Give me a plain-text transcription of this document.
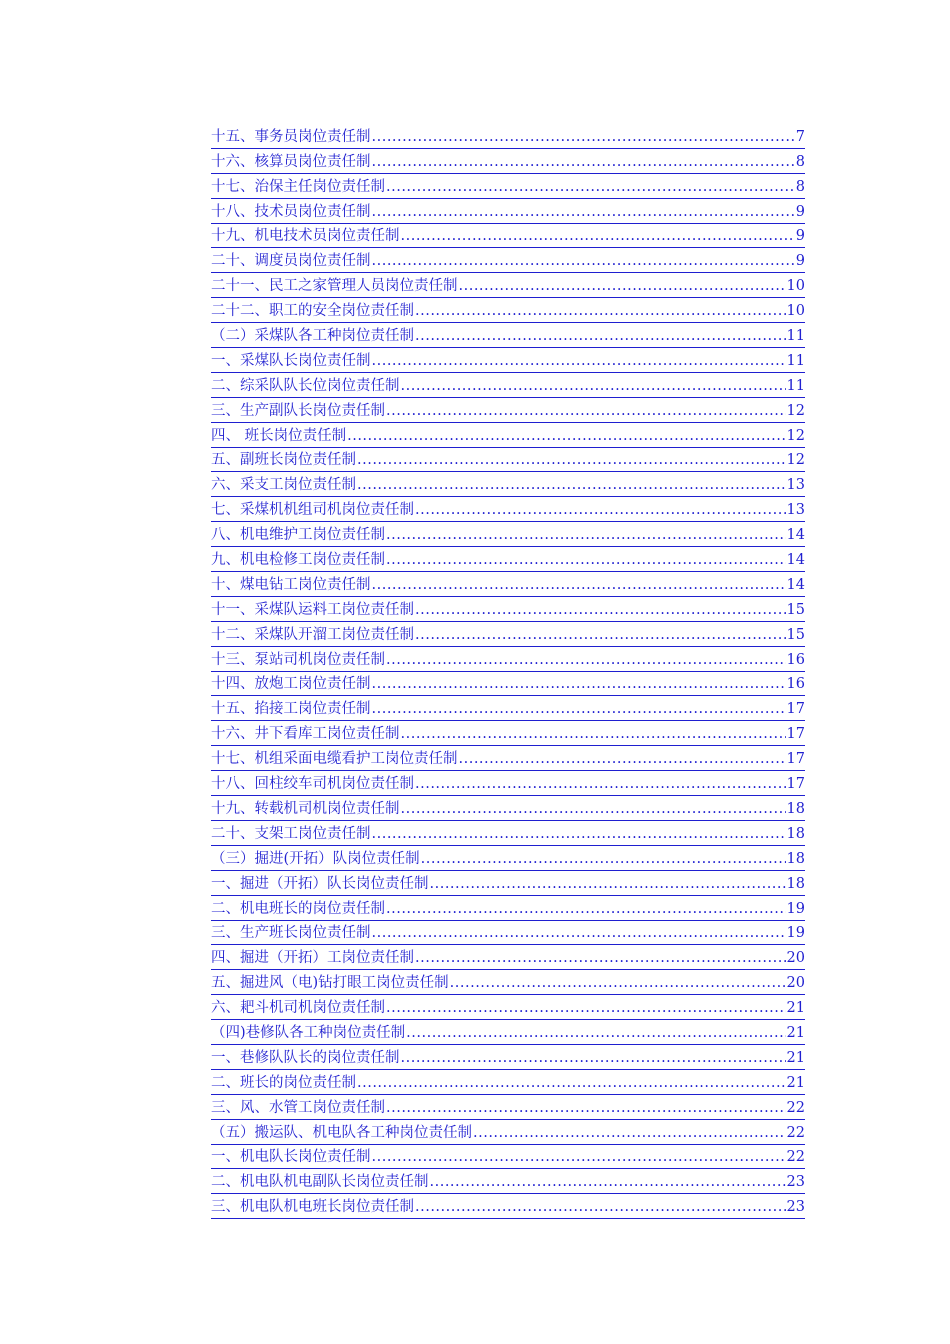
十五、事务员岗位责任制 .....	7
十六、核算员岗位责任制 .....	8
十七、治保主任岗位责任制 .....	8
十八、技术员岗位责任制 .....	9
十九、机电技术员岗位责任制 .....	9
二十、调度员岗位责任制 .....	9
二十一、民工之家管理人员岗位责任制 .....	10
二十二、职工的安全岗位责任制 .....	10
（二）采煤队各工种岗位责任制 .....	11
一、采煤队长岗位责任制 .....	11
二、综采队队长位岗位责任制 .....	11
三、生产副队长岗位责任制 .....	12
四、 班长岗位责任制 .....	12
五、副班长岗位责任制 .....	12
六、采支工岗位责任制 .....	13
七、采煤机机组司机岗位责任制 .....	13
八、机电维护工岗位责任制 .....	14
九、机电检修工岗位责任制 .....	14
十、煤电钻工岗位责任制 .....	14
十一、采煤队运料工岗位责任制 .....	15
十二、采煤队开溜工岗位责任制 .....	15
十三、泵站司机岗位责任制 .....	16
十四、放炮工岗位责任制 .....	16
十五、掐接工岗位责任制 .....	17
十六、井下看库工岗位责任制 .....	17
十七、机组采面电缆看护工岗位责任制 .....	17
十八、回柱绞车司机岗位责任制 .....	17
十九、转载机司机岗位责任制 .....	18
二十、支架工岗位责任制 .....	18
（三）掘进(开拓）队岗位责任制 .....	18
一、掘进（开拓）队长岗位责任制 .....	18
二、机电班长的岗位责任制 .....	19
三、生产班长岗位责任制 .....	19
四、掘进（开拓）工岗位责任制 .....	20
五、掘进风（电)钻打眼工岗位责任制 .....	20
六、耙斗机司机岗位责任制 .....	21
（四)巷修队各工种岗位责任制 .....	21
一、巷修队队长的岗位责任制 .....	21
二、班长的岗位责任制 .....	21
三、风、水管工岗位责任制 .....	22
（五）搬运队、机电队各工种岗位责任制 .....	22
一、机电队长岗位责任制 .....	22
二、机电队机电副队长岗位责任制 .....	23
三、机电队机电班长岗位责任制 .....	23
